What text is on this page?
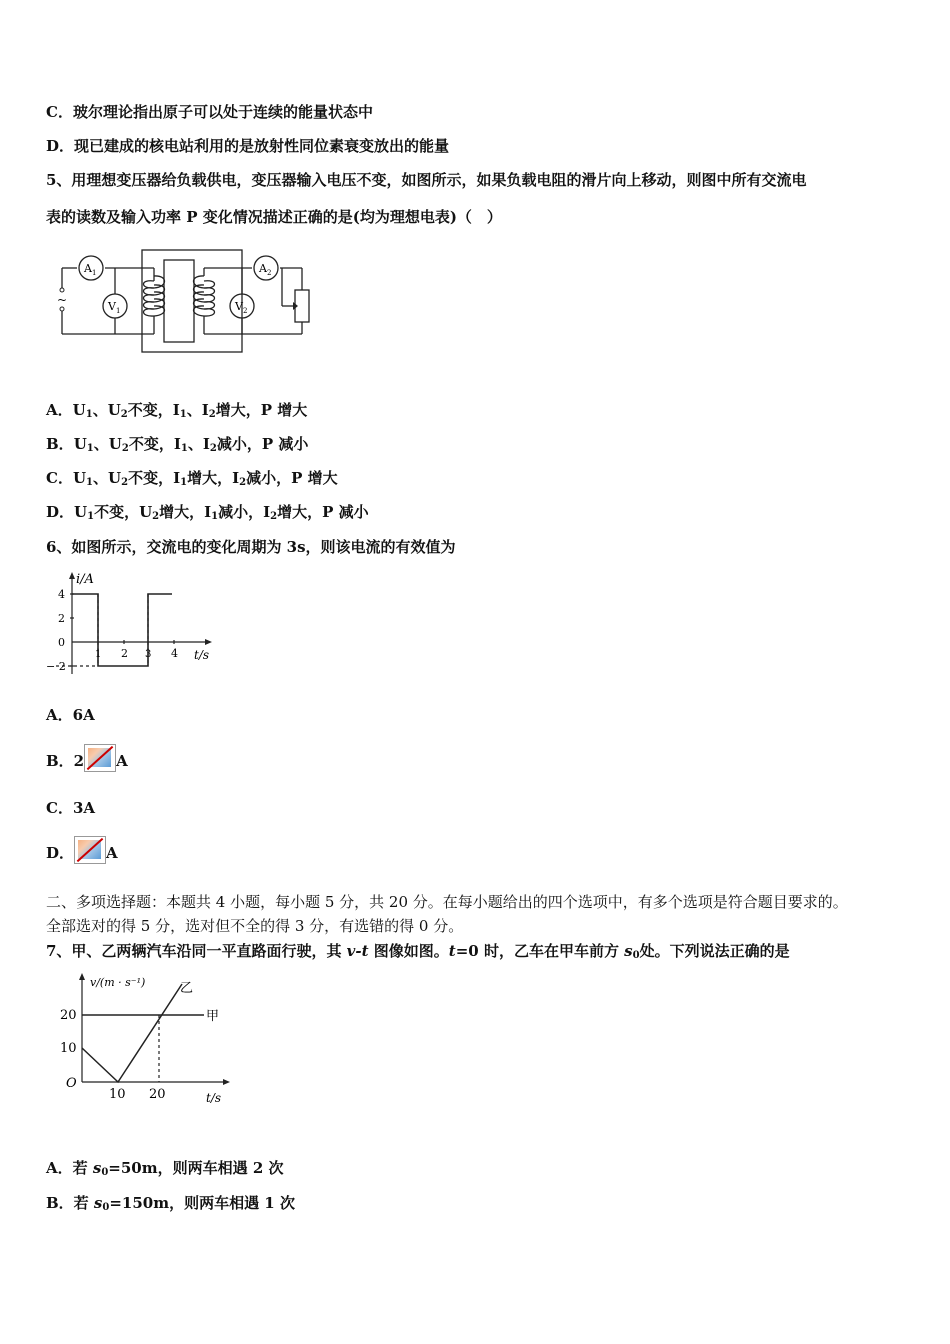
C．玻尔理论指出原子可以处于连续的能量状态中
D．现已建成的核电站利用的是放射性同位素衰变放出的能量
5、用理想变压器给负载供电，变压器输入电压不变，如图所示，如果负载电阻的滑片向上移动，则图中所有交流电
表的读数及输入功率 P 变化情况描述正确的是(均为理想电表)（　）
~
$A_1$	$A_2$
$V_1$	$V_2$
A．$U_1$、$U_2$不变，$I_1$、$I_2$增大，P 增大
B．$U_1$、$U_2$不变，$I_1$、$I_2$减小，P 减小
C．$U_1$、$U_2$不变，$I_1$增大，$I_2$减小，P 增大
D．$U_1$不变，$U_2$增大，$I_1$减小，$I_2$增大，P 减小
6、如图所示，交流电的变化周期为 3s，则该电流的有效值为
i/A
t/s
4
2
0
− 2
1 2 3 4
A．6A
B．2 A
C．3A
D． A
二、多项选择题：本题共 4 小题，每小题 5 分，共 20 分。在每小题给出的四个选项中，有多个选项是符合题目要求的。
全部选对的得 5 分，选对但不全的得 3 分，有选错的得 0 分。
7、甲、乙两辆汽车沿同一平直路面行驶，其 v-t 图像如图。t=0 时，乙车在甲车前方 $s_0$处。下列说法正确的是
v/(m · s⁻¹)
t/s
20
10
O
10 20
甲
乙
A．若 $s_0=50m$，则两车相遇 2 次
B．若 $s_0=150m$，则两车相遇 1 次
